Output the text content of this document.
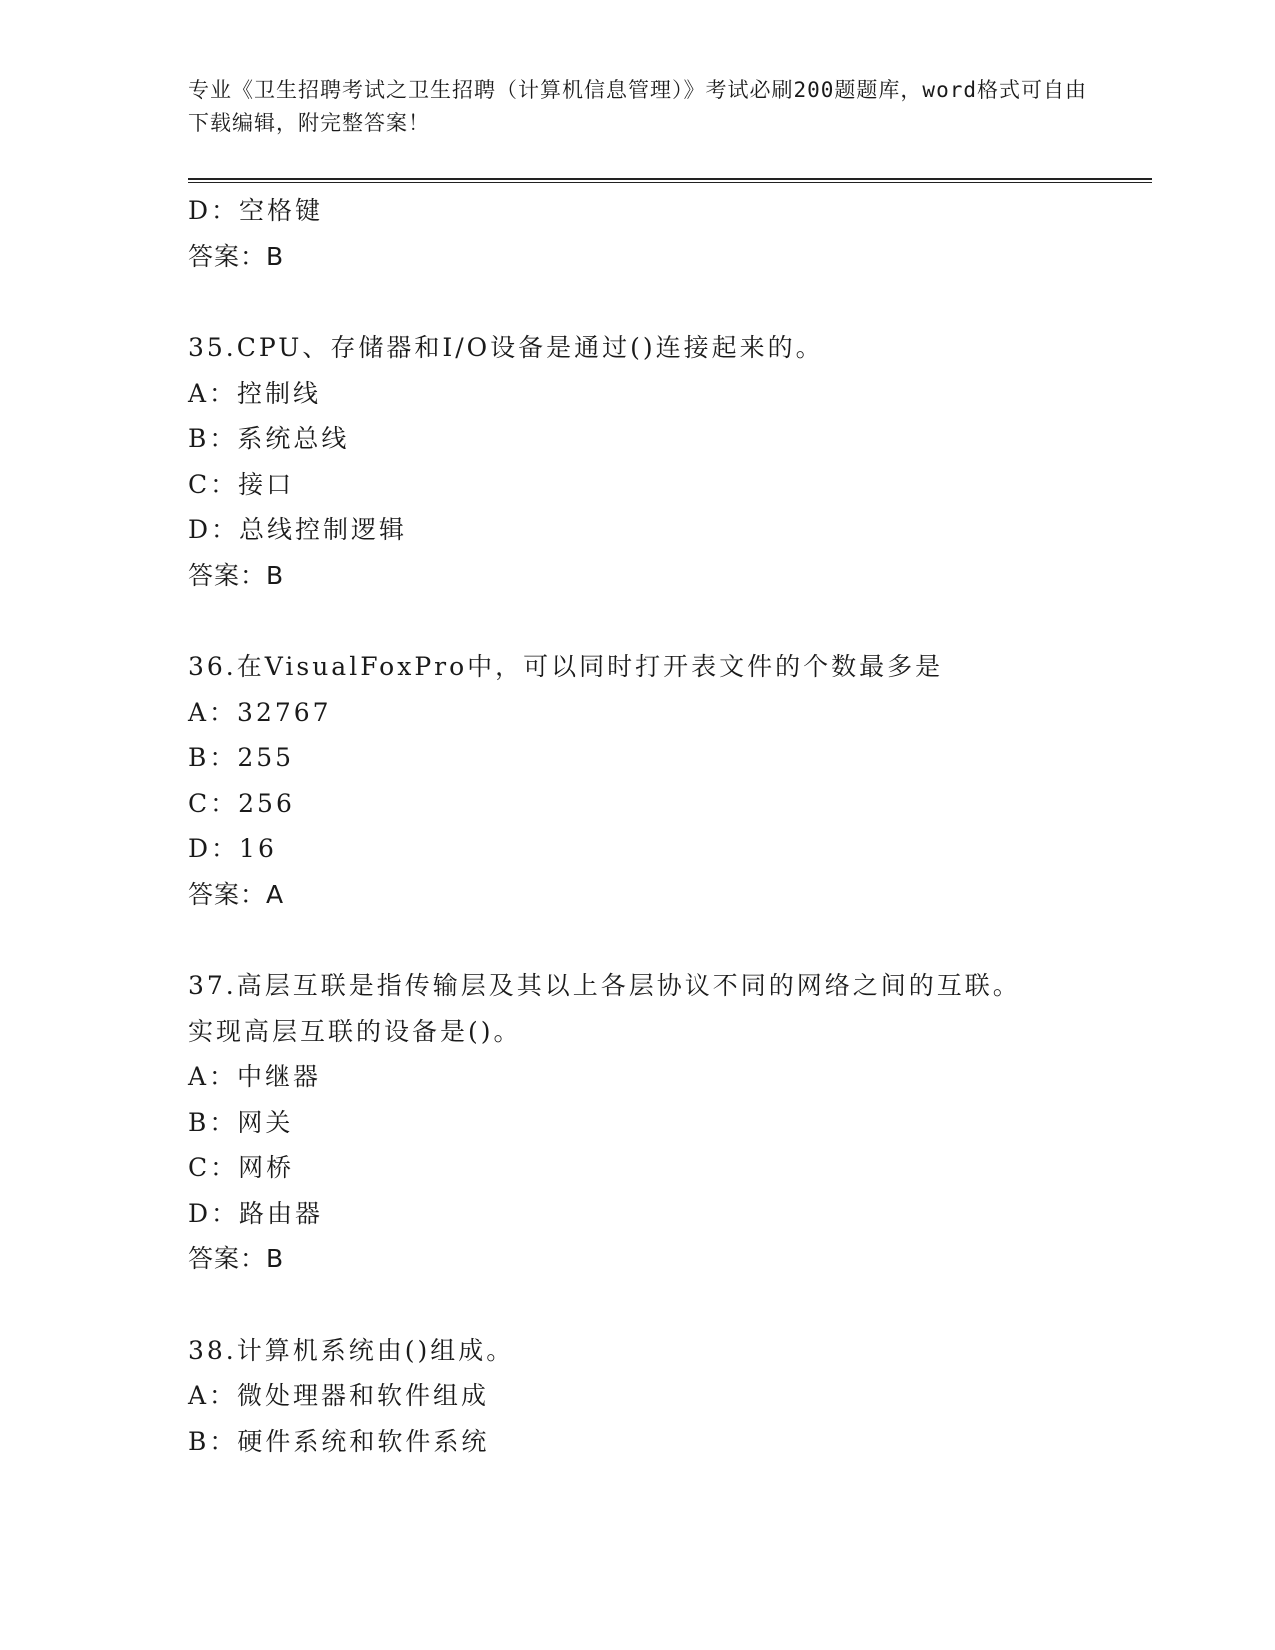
专业《卫生招聘考试之卫生招聘（计算机信息管理）》考试必刷200题题库，word格式可自由下载编辑，附完整答案！
D：空格键
答案：B
35.CPU、存储器和I/O设备是通过()连接起来的。
A：控制线
B：系统总线
C：接口
D：总线控制逻辑
答案：B
36.在VisualFoxPro中，可以同时打开表文件的个数最多是
A：32767
B：255
C：256
D：16
答案：A
37.高层互联是指传输层及其以上各层协议不同的网络之间的互联。实现高层互联的设备是()。
A：中继器
B：网关
C：网桥
D：路由器
答案：B
38.计算机系统由()组成。
A：微处理器和软件组成
B：硬件系统和软件系统
